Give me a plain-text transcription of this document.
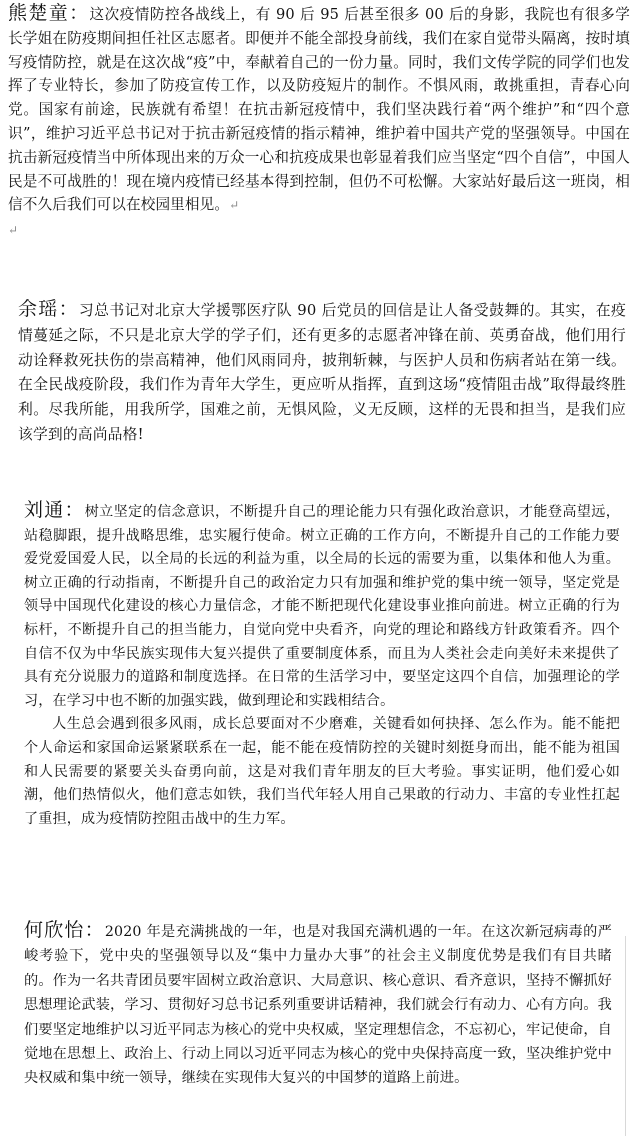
熊楚童：这次疫情防控各战线上，有 90 后 95 后甚至很多 00 后的身影，我院也有很多学长学姐在防疫期间担任社区志愿者。即便并不能全部投身前线，我们在家自觉带头隔离，按时填写疫情防控，就是在这次战“疫”中，奉献着自己的一份力量。同时，我们文传学院的同学们也发挥了专业特长，参加了防疫宣传工作，以及防疫短片的制作。不惧风雨，敢挑重担，青春心向党。国家有前途，民族就有希望！在抗击新冠疫情中，我们坚决践行着“两个维护”和“四个意识”，维护习近平总书记对于抗击新冠疫情的指示精神，维护着中国共产党的坚强领导。中国在抗击新冠疫情当中所体现出来的万众一心和抗疫成果也彰显着我们应当坚定“四个自信”，中国人民是不可战胜的！现在境内疫情已经基本得到控制，但仍不可松懈。大家站好最后这一班岗，相信不久后我们可以在校园里相见。↵

↵

余瑶：习总书记对北京大学援鄂医疗队 90 后党员的回信是让人备受鼓舞的。其实，在疫情蔓延之际，不只是北京大学的学子们，还有更多的志愿者冲锋在前、英勇奋战，他们用行动诠释救死扶伤的崇高精神，他们风雨同舟，披荆斩棘，与医护人员和伤病者站在第一线。在全民战疫阶段，我们作为青年大学生，更应听从指挥，直到这场“疫情阻击战”取得最终胜利。尽我所能，用我所学，国难之前，无惧风险，义无反顾，这样的无畏和担当，是我们应该学到的高尚品格!

刘通：树立坚定的信念意识，不断提升自己的理论能力只有强化政治意识，才能登高望远，站稳脚跟，提升战略思维，忠实履行使命。树立正确的工作方向，不断提升自己的工作能力要爱党爱国爱人民，以全局的长远的利益为重，以全局的长远的需要为重，以集体和他人为重。树立正确的行动指南，不断提升自己的政治定力只有加强和维护党的集中统一领导，坚定党是领导中国现代化建设的核心力量信念，才能不断把现代化建设事业推向前进。树立正确的行为标杆，不断提升自己的担当能力，自觉向党中央看齐，向党的理论和路线方针政策看齐。四个自信不仅为中华民族实现伟大复兴提供了重要制度体系，而且为人类社会走向美好未来提供了具有充分说服力的道路和制度选择。在日常的生活学习中，要坚定这四个自信，加强理论的学习，在学习中也不断的加强实践，做到理论和实践相结合。

人生总会遇到很多风雨，成长总要面对不少磨难，关键看如何抉择、怎么作为。能不能把个人命运和家国命运紧紧联系在一起，能不能在疫情防控的关键时刻挺身而出，能不能为祖国和人民需要的紧要关头奋勇向前，这是对我们青年朋友的巨大考验。事实证明，他们爱心如潮，他们热情似火，他们意志如铁，我们当代年轻人用自己果敢的行动力、丰富的专业性扛起了重担，成为疫情防控阻击战中的生力军。

何欣怡：2020 年是充满挑战的一年，也是对我国充满机遇的一年。在这次新冠病毒的严峻考验下，党中央的坚强领导以及“集中力量办大事”的社会主义制度优势是我们有目共睹的。作为一名共青团员要牢固树立政治意识、大局意识、核心意识、看齐意识，坚持不懈抓好思想理论武装，学习、贯彻好习总书记系列重要讲话精神，我们就会行有动力、心有方向。我们要坚定地维护以习近平同志为核心的党中央权威，坚定理想信念，不忘初心，牢记使命，自觉地在思想上、政治上、行动上同以习近平同志为核心的党中央保持高度一致，坚决维护党中央权威和集中统一领导，继续在实现伟大复兴的中国梦的道路上前进。
